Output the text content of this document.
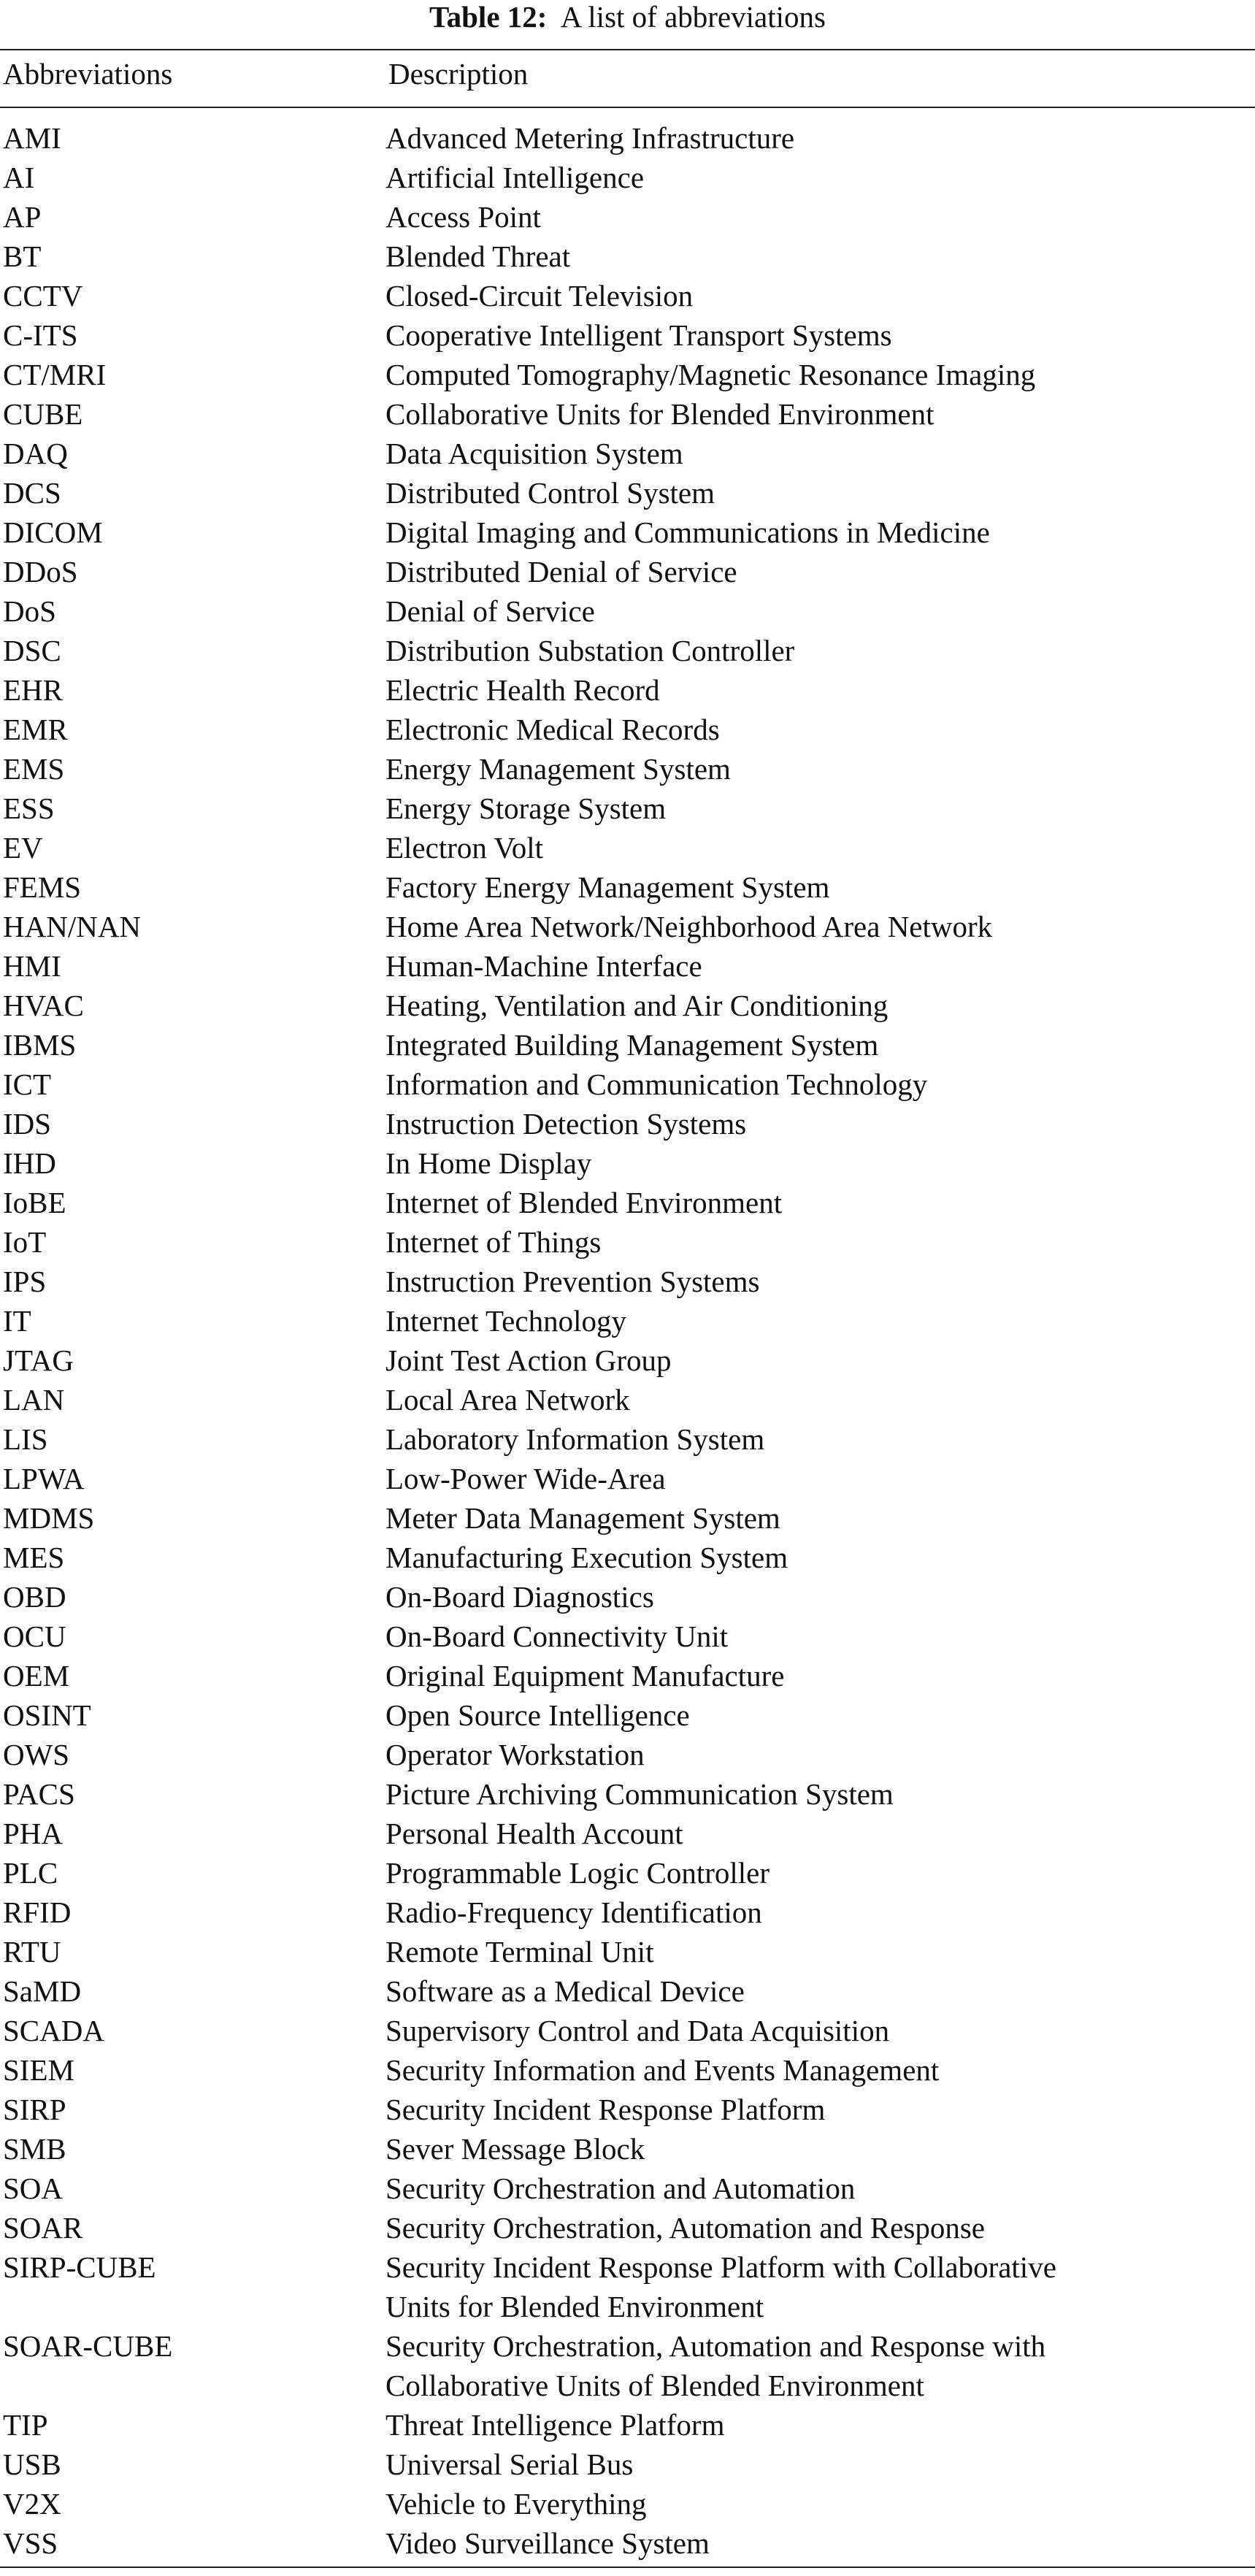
Table 12: A list of abbreviations
Abbreviations	Description
AMI	Advanced Metering Infrastructure
AI	Artificial Intelligence
AP	Access Point
BT	Blended Threat
CCTV	Closed-Circuit Television
C-ITS	Cooperative Intelligent Transport Systems
CT/MRI	Computed Tomography/Magnetic Resonance Imaging
CUBE	Collaborative Units for Blended Environment
DAQ	Data Acquisition System
DCS	Distributed Control System
DICOM	Digital Imaging and Communications in Medicine
DDoS	Distributed Denial of Service
DoS	Denial of Service
DSC	Distribution Substation Controller
EHR	Electric Health Record
EMR	Electronic Medical Records
EMS	Energy Management System
ESS	Energy Storage System
EV	Electron Volt
FEMS	Factory Energy Management System
HAN/NAN	Home Area Network/Neighborhood Area Network
HMI	Human-Machine Interface
HVAC	Heating, Ventilation and Air Conditioning
IBMS	Integrated Building Management System
ICT	Information and Communication Technology
IDS	Instruction Detection Systems
IHD	In Home Display
IoBE	Internet of Blended Environment
IoT	Internet of Things
IPS	Instruction Prevention Systems
IT	Internet Technology
JTAG	Joint Test Action Group
LAN	Local Area Network
LIS	Laboratory Information System
LPWA	Low-Power Wide-Area
MDMS	Meter Data Management System
MES	Manufacturing Execution System
OBD	On-Board Diagnostics
OCU	On-Board Connectivity Unit
OEM	Original Equipment Manufacture
OSINT	Open Source Intelligence
OWS	Operator Workstation
PACS	Picture Archiving Communication System
PHA	Personal Health Account
PLC	Programmable Logic Controller
RFID	Radio-Frequency Identification
RTU	Remote Terminal Unit
SaMD	Software as a Medical Device
SCADA	Supervisory Control and Data Acquisition
SIEM	Security Information and Events Management
SIRP	Security Incident Response Platform
SMB	Sever Message Block
SOA	Security Orchestration and Automation
SOAR	Security Orchestration, Automation and Response
SIRP-CUBE	Security Incident Response Platform with Collaborative
Units for Blended Environment
SOAR-CUBE	Security Orchestration, Automation and Response with
Collaborative Units of Blended Environment
TIP	Threat Intelligence Platform
USB	Universal Serial Bus
V2X	Vehicle to Everything
VSS	Video Surveillance System
